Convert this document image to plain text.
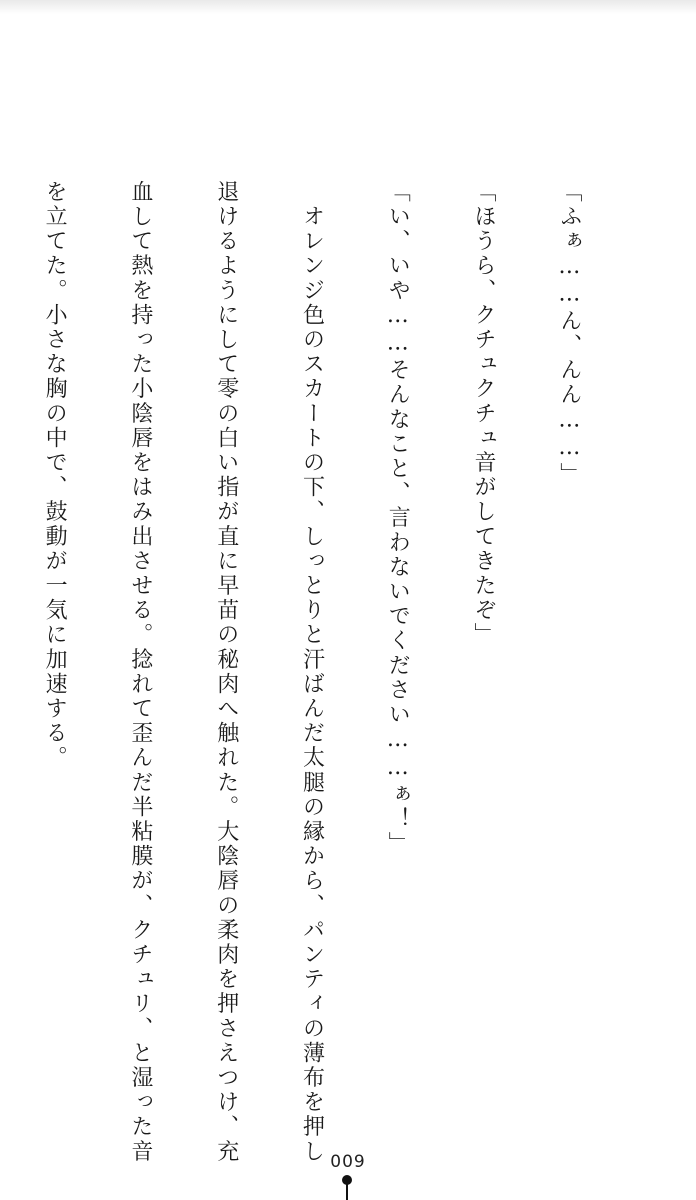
「ふぁ……ん、んん……」

「ほうら、クチュクチュ音がしてきたぞ」

「い、いや……そんなこと、言わないでください……ぁ！」

　オレンジ色のスカートの下、しっとりと汗ばんだ太腿の縁から、パンティの薄布を押し

退けるようにして零の白い指が直に早苗の秘肉へ触れた。大陰唇の柔肉を押さえつけ、充

血して熱を持った小陰唇をはみ出させる。捻れて歪んだ半粘膜が、クチュリ、と湿った音

を立てた。小さな胸の中で、鼓動が一気に加速する。

009
